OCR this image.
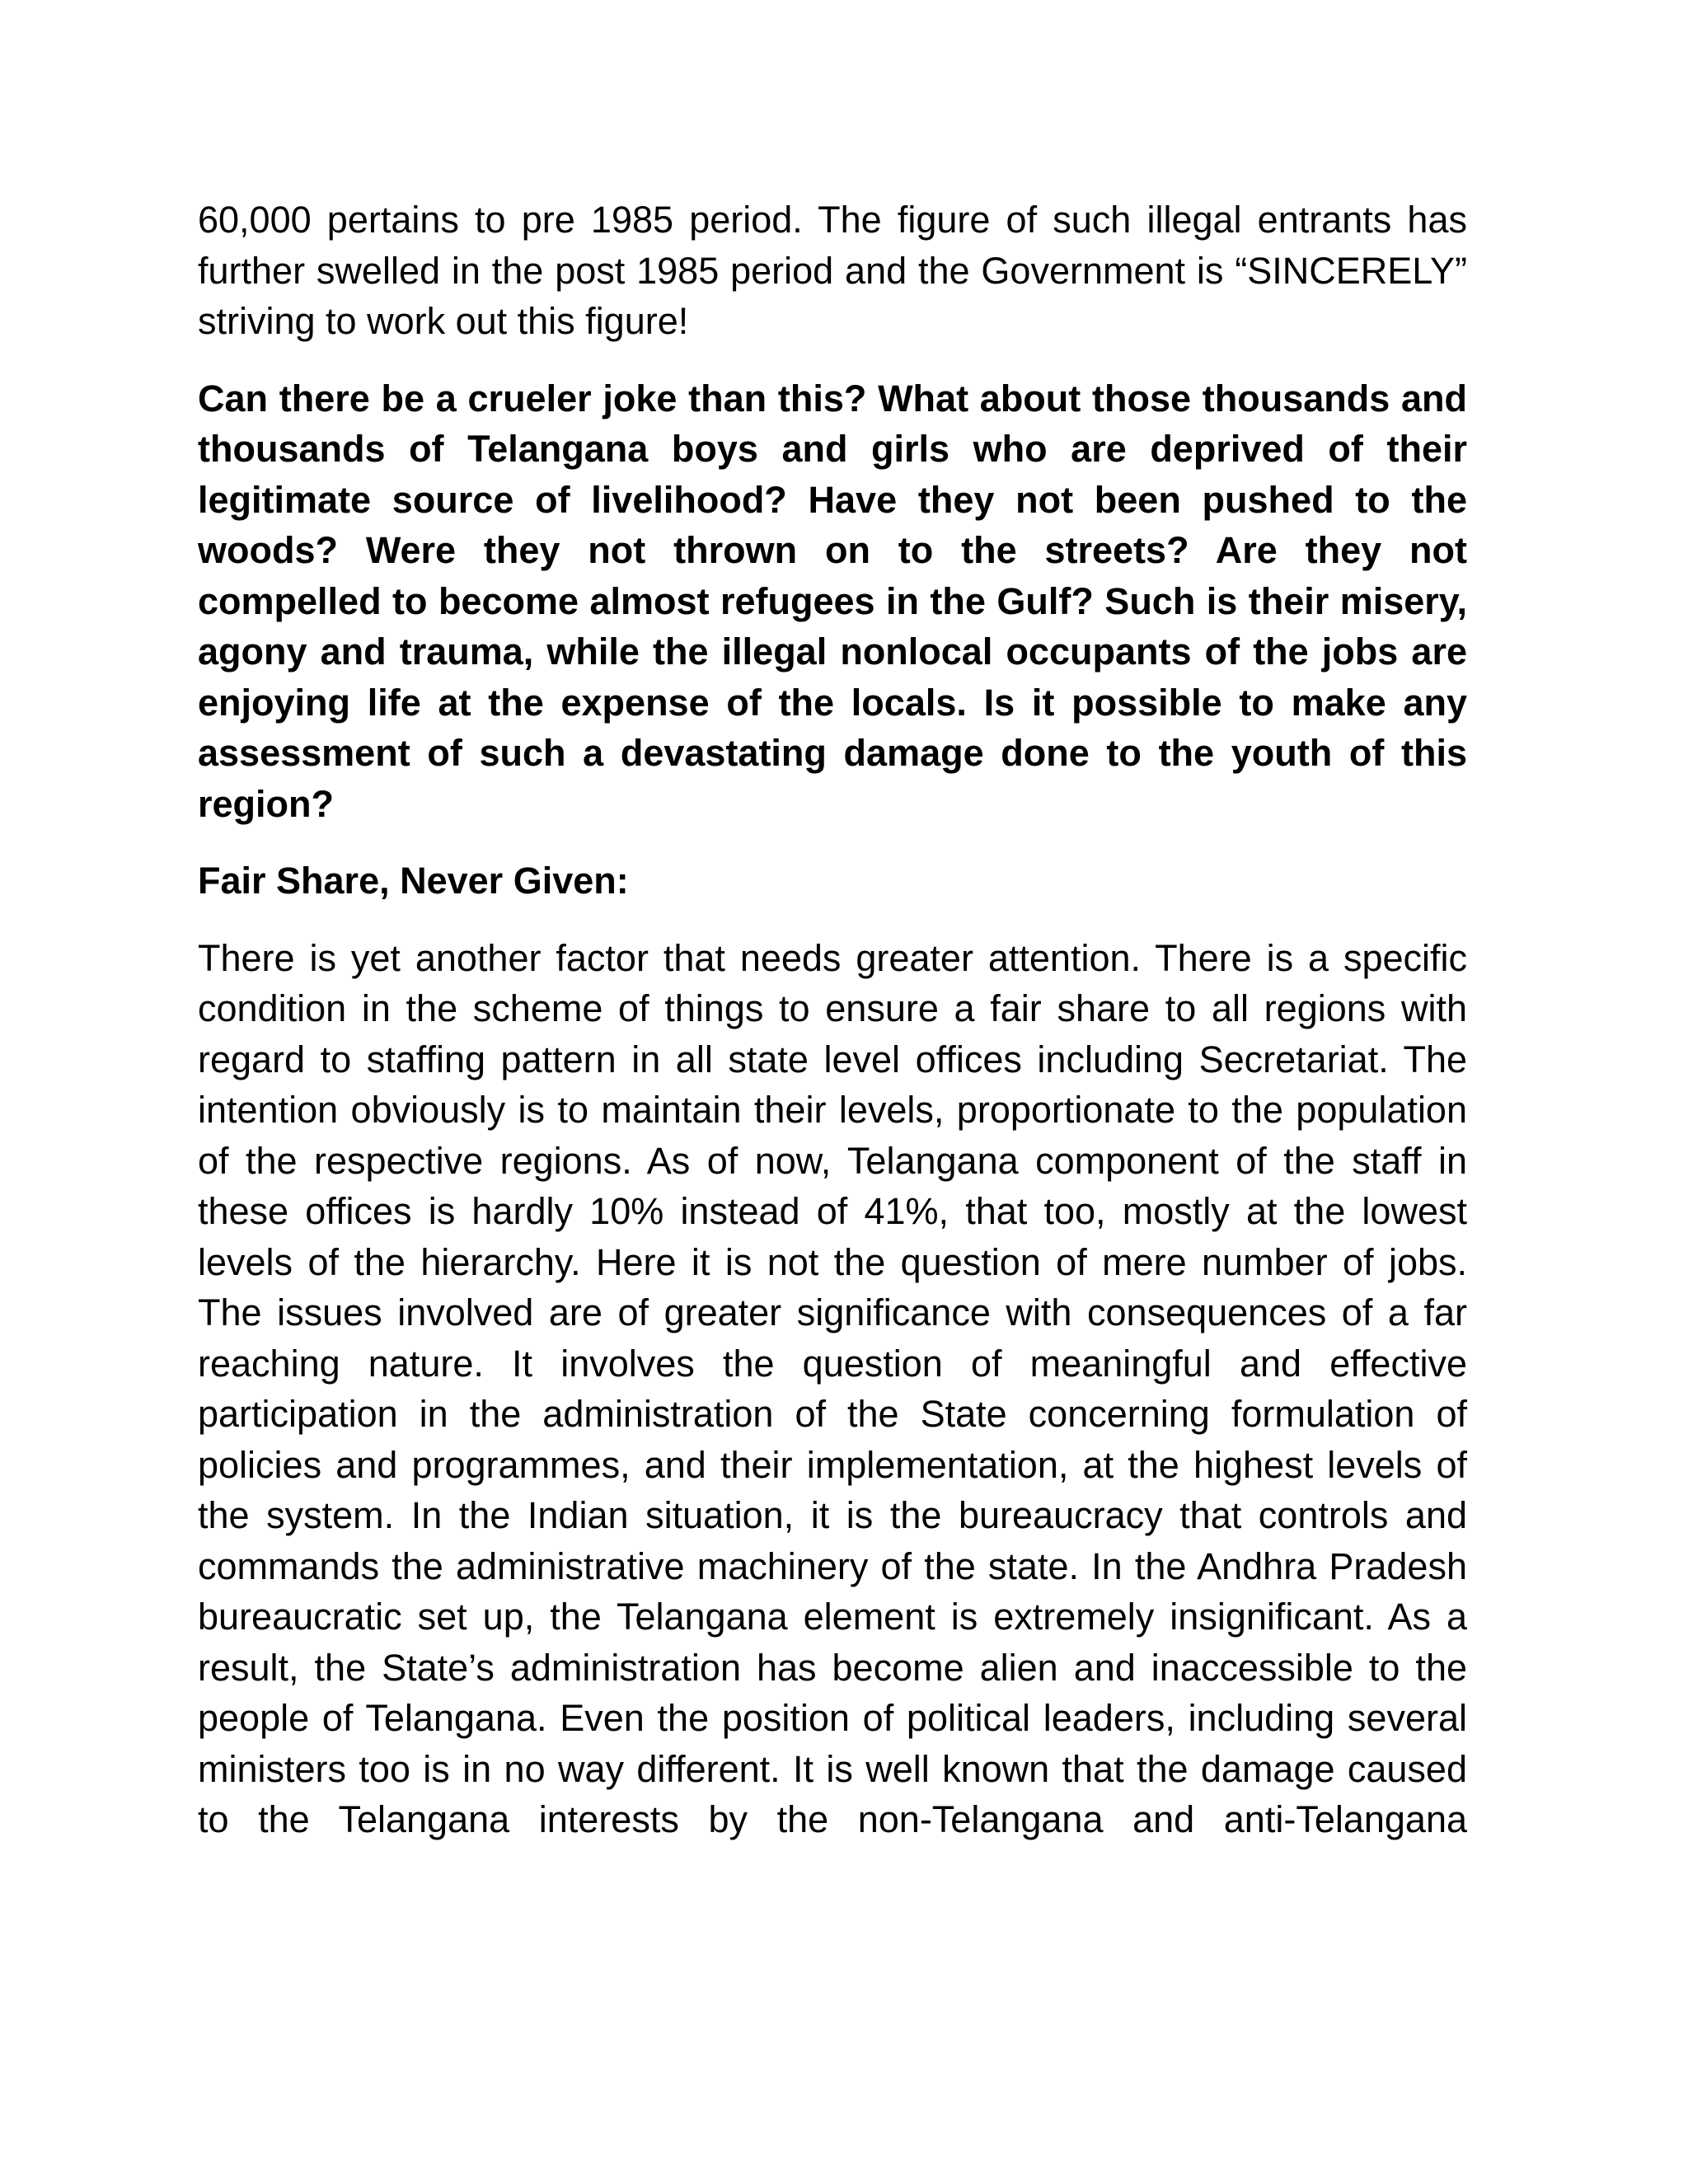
60,000 pertains to pre 1985 period. The figure of such illegal entrants has further swelled in the post 1985 period and the Government is “SINCERELY” striving to work out this figure!

Can there be a crueler joke than this? What about those thousands and thousands of Telangana boys and girls who are deprived of their legitimate source of livelihood? Have they not been pushed to the woods? Were they not thrown on to the streets? Are they not compelled to become almost refugees in the Gulf? Such is their misery, agony and trauma, while the illegal nonlocal occupants of the jobs are enjoying life at the expense of the locals. Is it possible to make any assessment of such a devastating damage done to the youth of this region?

Fair Share, Never Given:

There is yet another factor that needs greater attention. There is a specific condition in the scheme of things to ensure a fair share to all regions with regard to staffing pattern in all state level offices including Secretariat. The intention obviously is to maintain their levels, proportionate to the population of the respective regions. As of now, Telangana component of the staff in these offices is hardly 10% instead of 41%, that too, mostly at the lowest levels of the hierarchy. Here it is not the question of mere number of jobs. The issues involved are of greater significance with consequences of a far reaching nature. It involves the question of meaningful and effective participation in the administration of the State concerning formulation of policies and programmes, and their implementation, at the highest levels of the system. In the Indian situation, it is the bureaucracy that controls and commands the administrative machinery of the state. In the Andhra Pradesh bureaucratic set up, the Telangana element is extremely insignificant. As a result, the State’s administration has become alien and inaccessible to the people of Telangana. Even the position of political leaders, including several ministers too is in no way different. It is well known that the damage caused to the Telangana interests by the non-Telangana and anti-Telangana
